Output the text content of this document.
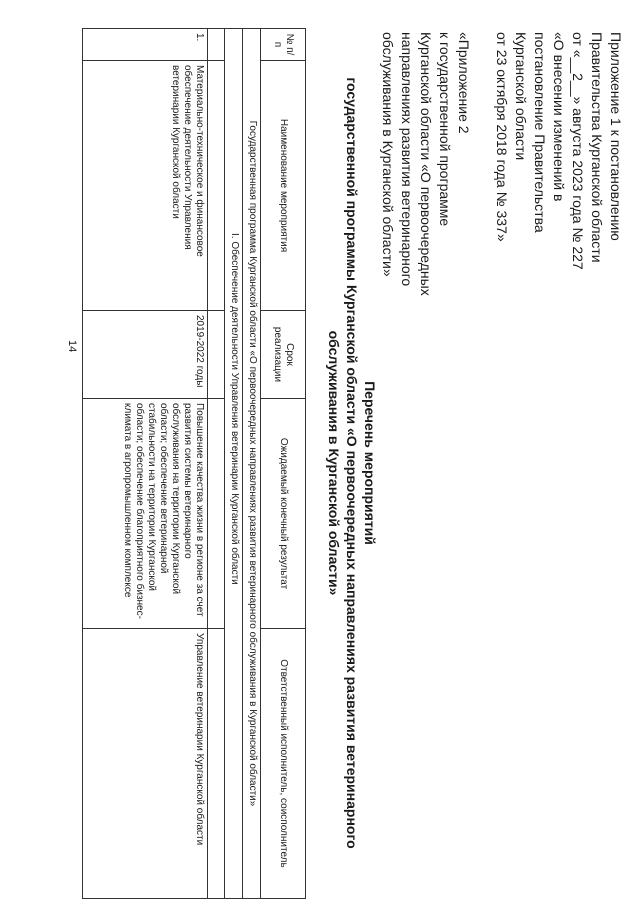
14
Приложение 1 к постановлению
Правительства Курганской области
от «__2__» августа 2023 года № 227
«О внесении изменений в
постановление Правительства
Курганской области
от 23 октября 2018 года № 337»
«Приложение 2
к государственной программе
Курганской области «О первоочередных
направлениях развития ветеринарного
обслуживания в Курганской области»
Перечень мероприятий
государственной программы Курганской области «О первоочередных направлениях развития ветеринарного
обслуживания в Курганской области»
№ п/п	Наименование мероприятия	Срок реализации	Ожидаемый конечный результат	Ответственный исполнитель, соисполнитель
Государственная программа Курганской области «О первоочередных направлениях развития ветеринарного обслуживания в Курганской области»				
I. Обеспечение деятельности Управления ветеринарии Курганской области				

1.	Материально-техническое и финансовое обеспечение деятельности Управления ветеринарии Курганской области	2019-2022 годы	Повышение качества жизни в регионе за счет развития системы ветеринарного обслуживания на территории Курганской области; обеспечение ветеринарной стабильности на территории Курганской области; обеспечение благоприятного бизнес-климата в агропромышленном комплексе	Управление ветеринарии Курганской области
